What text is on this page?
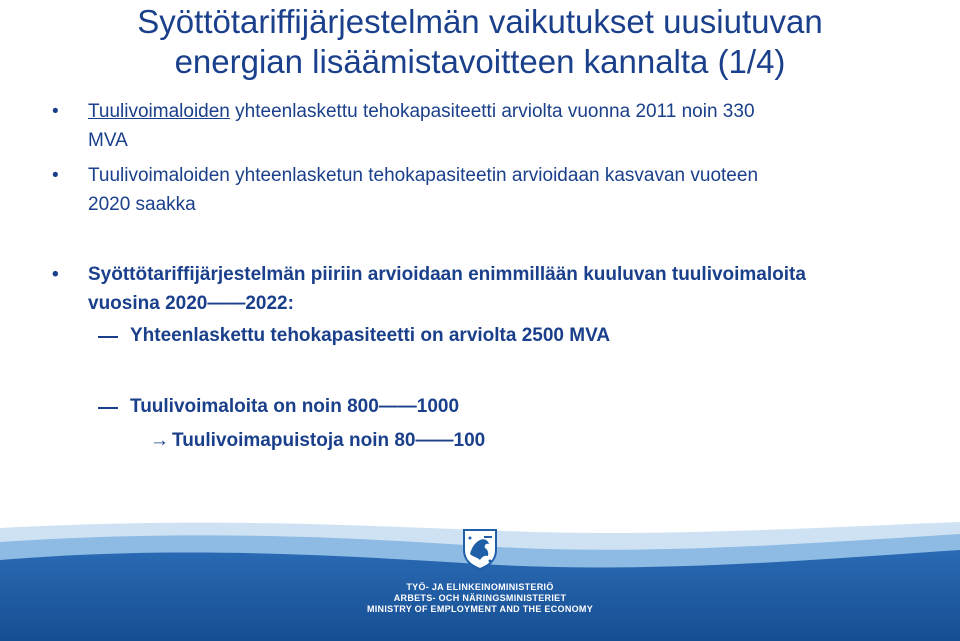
Syöttötariffijärjestelmän vaikutukset uusiutuvan
energian lisäämistavoitteen kannalta (1/4)
• Tuulivoimaloiden yhteenlaskettu tehokapasiteetti arviolta vuonna 2011 noin 330
MVA
• Tuulivoimaloiden yhteenlasketun tehokapasiteetin arvioidaan kasvavan vuoteen
2020 saakka
• Syöttötariffijärjestelmän piiriin arvioidaan enimmillään kuuluvan tuulivoimaloita
vuosina 2020——2022:
Yhteenlaskettu tehokapasiteetti on arviolta 2500 MVA
Tuulivoimaloita on noin 800——1000
→ Tuulivoimapuistoja noin 80——100
TYÖ- JA ELINKEINOMINISTERIÖ
ARBETS- OCH NÄRINGSMINISTERIET
MINISTRY OF EMPLOYMENT AND THE ECONOMY
